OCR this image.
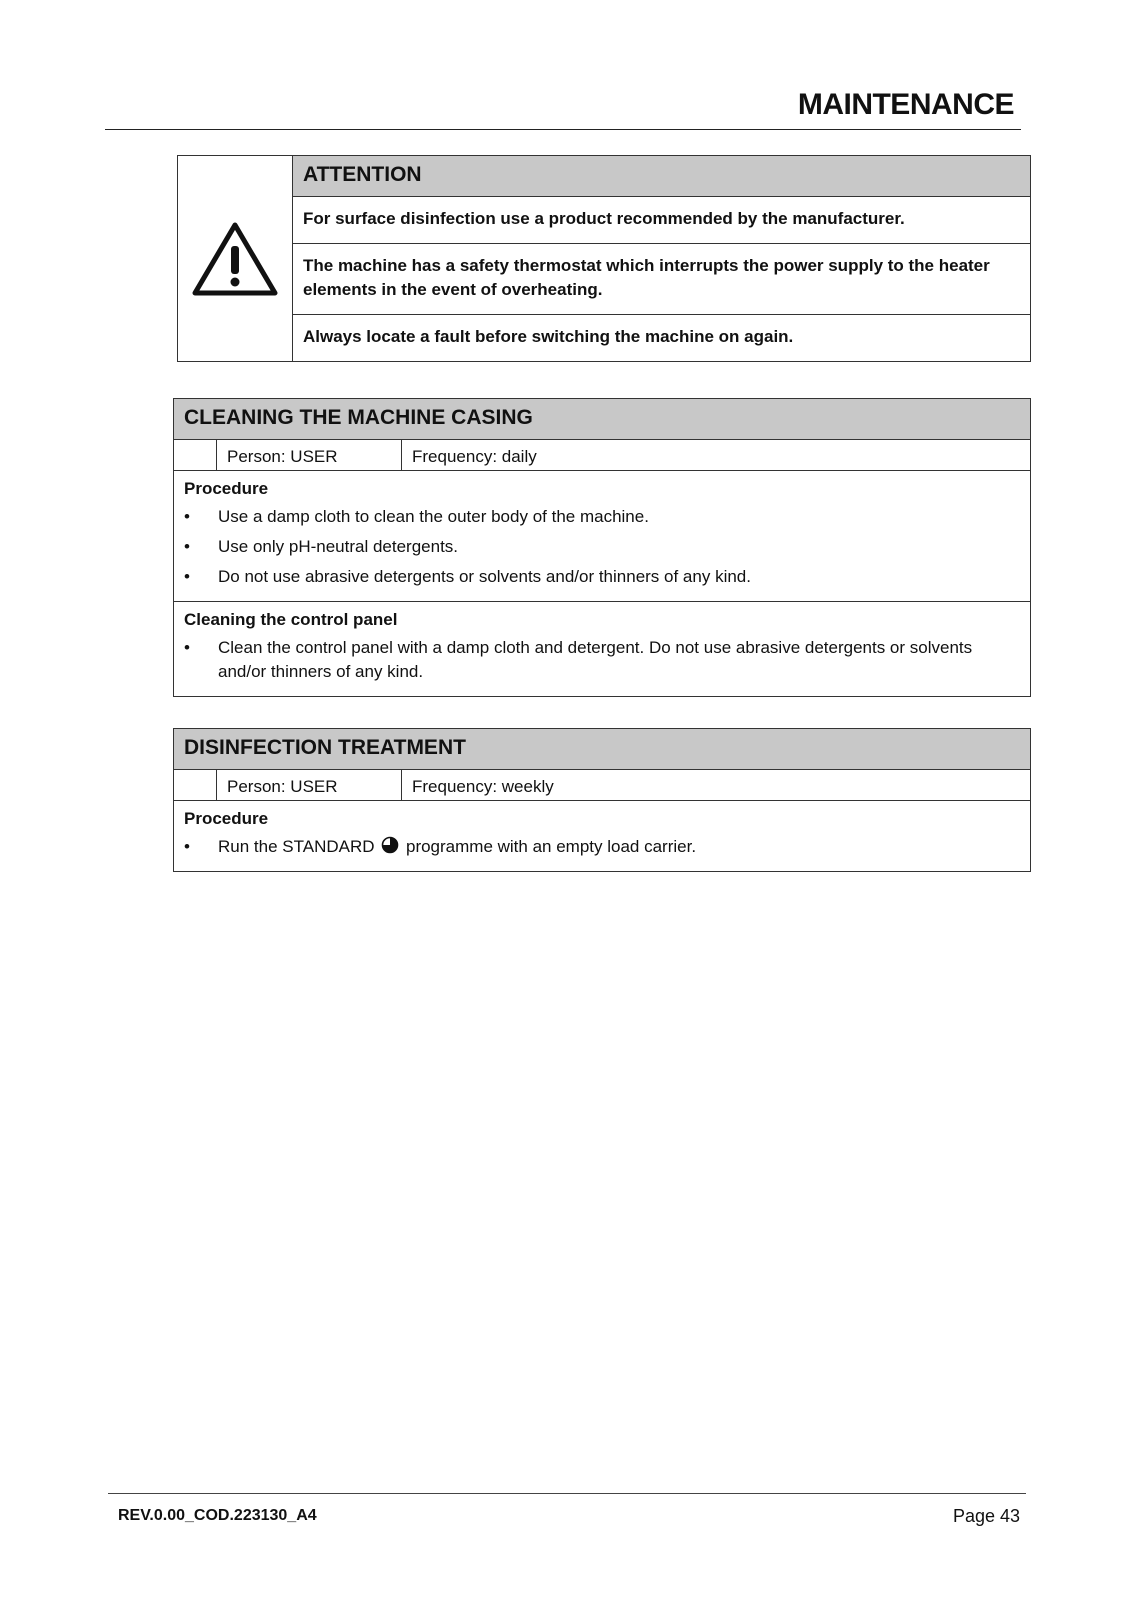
MAINTENANCE
ATTENTION
For surface disinfection use a product recommended by the manufacturer.
The machine has a safety thermostat which interrupts the power supply to the heater elements in the event of overheating.
Always locate a fault before switching the machine on again.
CLEANING THE MACHINE CASING
Person: USER	Frequency: daily
Procedure
• Use a damp cloth to clean the outer body of the machine.
• Use only pH-neutral detergents.
• Do not use abrasive detergents or solvents and/or thinners of any kind.
Cleaning the control panel
• Clean the control panel with a damp cloth and detergent. Do not use abrasive detergents or solvents and/or thinners of any kind.
DISINFECTION TREATMENT
Person: USER	Frequency: weekly
Procedure
• Run the STANDARD programme with an empty load carrier.
REV.0.00_COD.223130_A4	Page 43
